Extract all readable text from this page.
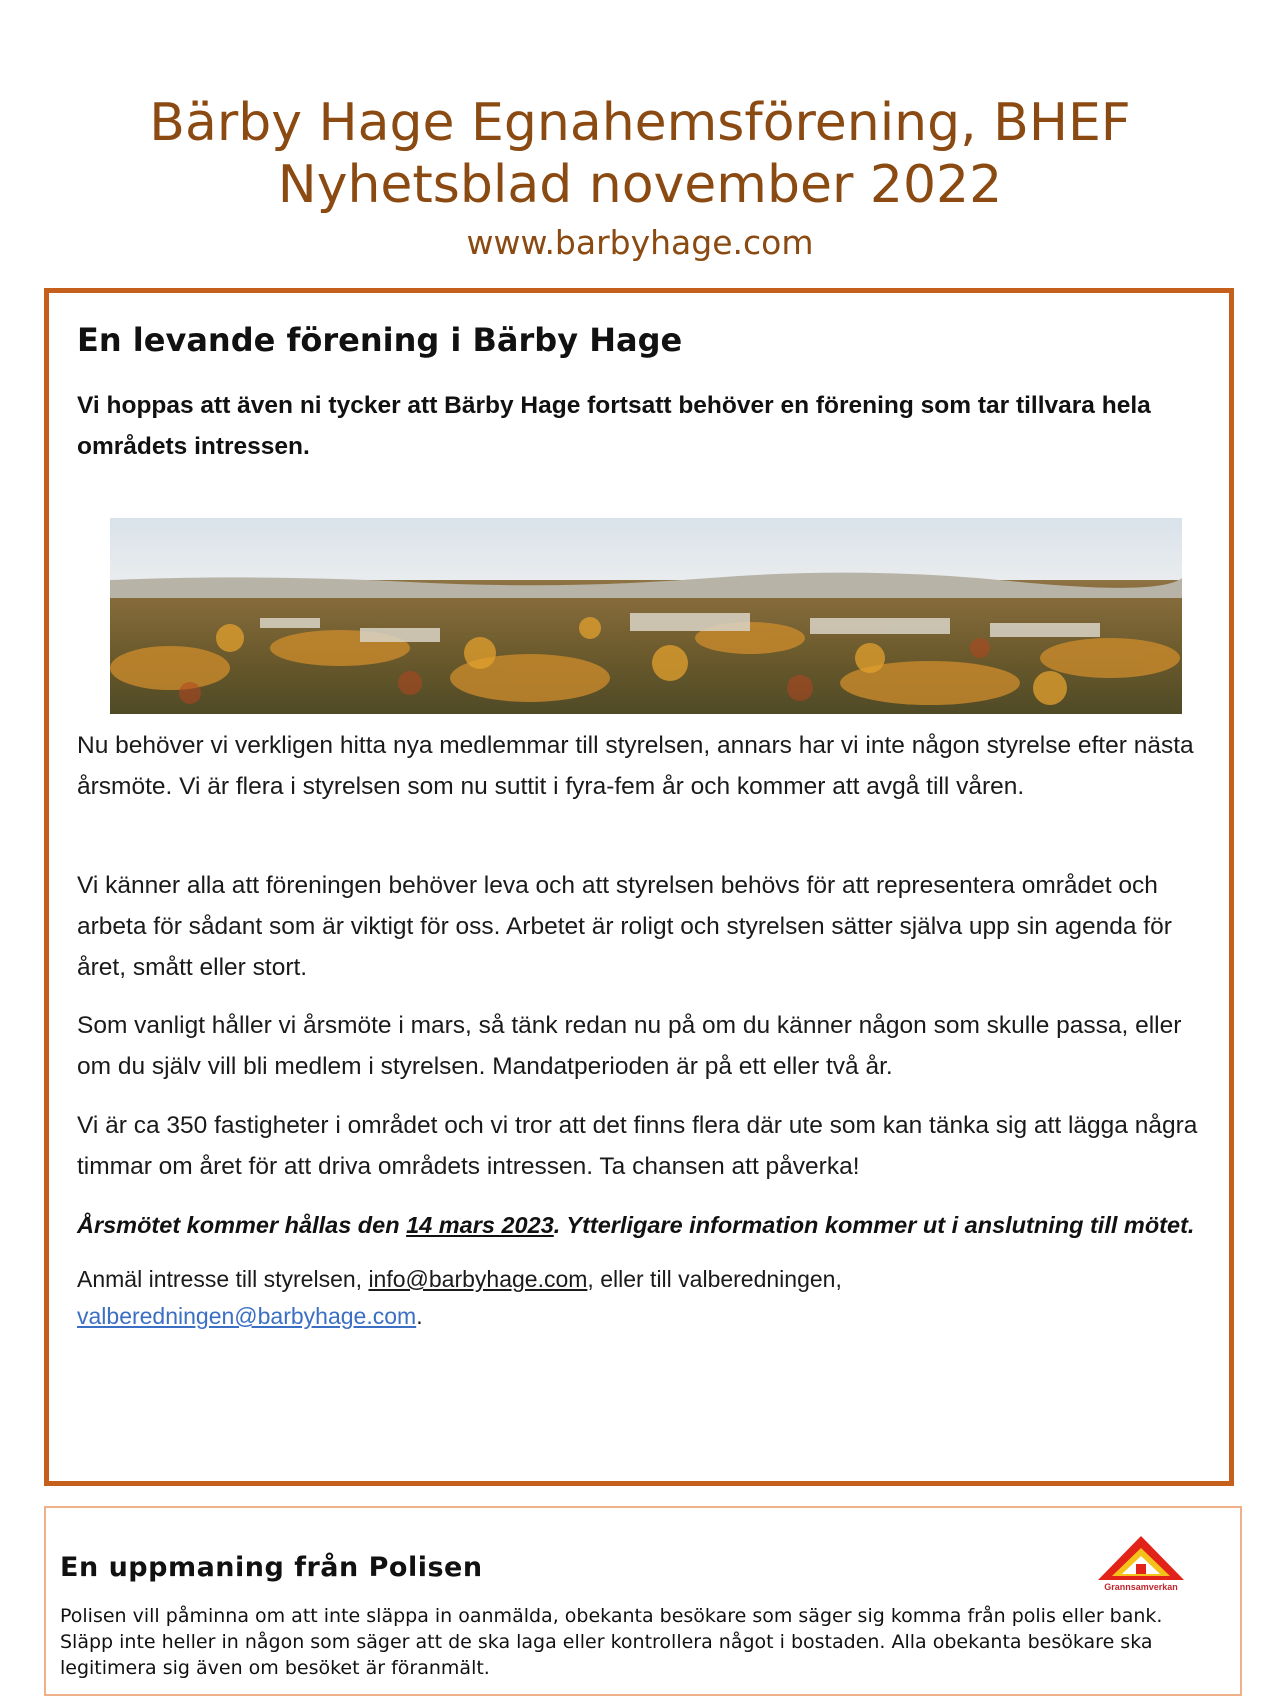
Bärby Hage Egnahemsförening, BHEF
Nyhetsblad november 2022
www.barbyhage.com
En levande förening i Bärby Hage
Vi hoppas att även ni tycker att Bärby Hage fortsatt behöver en förening som tar tillvara hela områdets intressen.
Nu behöver vi verkligen hitta nya medlemmar till styrelsen, annars har vi inte någon styrelse efter nästa årsmöte. Vi är flera i styrelsen som nu suttit i fyra-fem år och kommer att avgå till våren.
Vi känner alla att föreningen behöver leva och att styrelsen behövs för att representera området och arbeta för sådant som är viktigt för oss. Arbetet är roligt och styrelsen sätter själva upp sin agenda för året, smått eller stort.
Som vanligt håller vi årsmöte i mars, så tänk redan nu på om du känner någon som skulle passa, eller om du själv vill bli medlem i styrelsen. Mandatperioden är på ett eller två år.
Vi är ca 350 fastigheter i området och vi tror att det finns flera där ute som kan tänka sig att lägga några timmar om året för att driva områdets intressen. Ta chansen att påverka!
Årsmötet kommer hållas den 14 mars 2023. Ytterligare information kommer ut i anslutning till mötet.
Anmäl intresse till styrelsen, info@barbyhage.com, eller till valberedningen,
valberedningen@barbyhage.com.
En uppmaning från Polisen
Grannsamverkan
Polisen vill påminna om att inte släppa in oanmälda, obekanta besökare som säger sig komma från polis eller bank. Släpp inte heller in någon som säger att de ska laga eller kontrollera något i bostaden. Alla obekanta besökare ska legitimera sig även om besöket är föranmält.
